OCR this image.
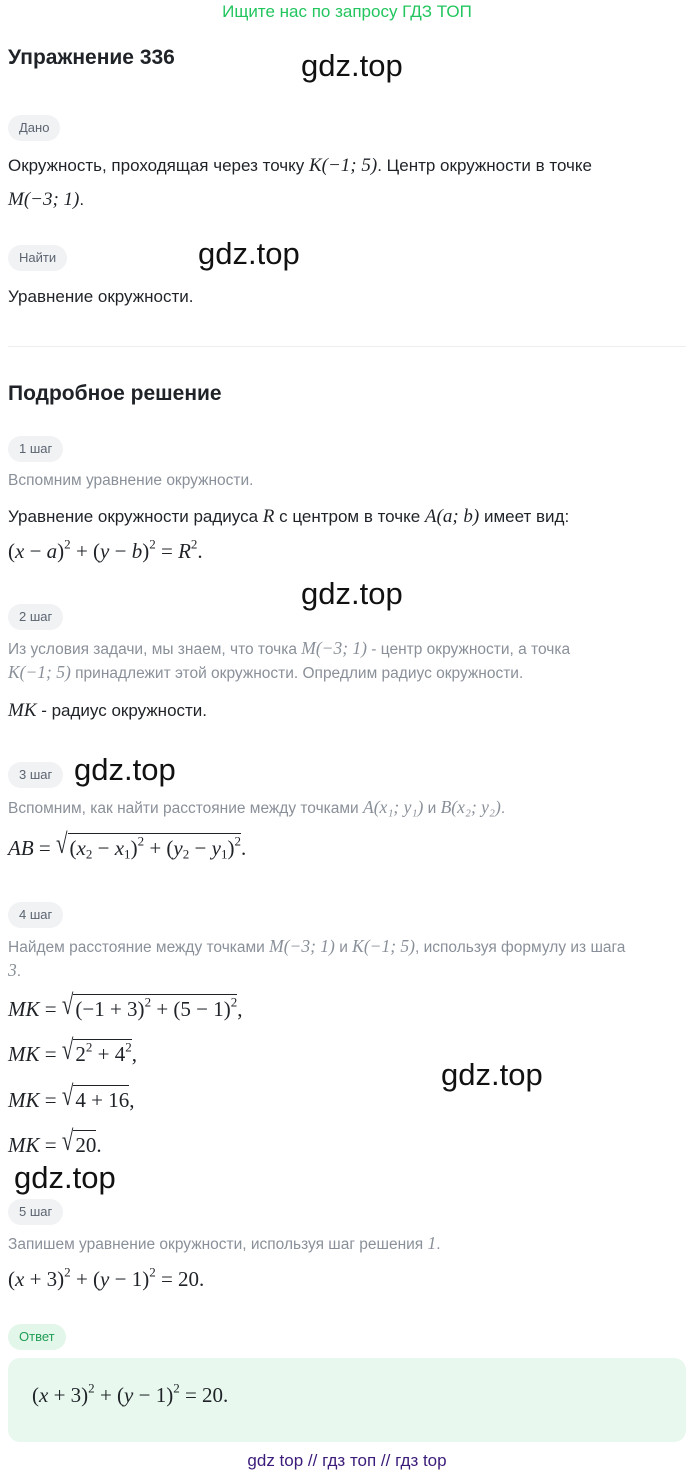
Ищите нас по запросу ГДЗ ТОП
Упражнение 336	gdz.top
Дано
Окружность, проходящая через точку K(−1; 5). Центр окружности в точке
M(−3; 1).
Найти	gdz.top
Уравнение окружности.
Подробное решение
1 шаг
Вспомним уравнение окружности.
Уравнение окружности радиуса R с центром в точке A(a; b) имеет вид:
$(x - a)^2 + (y - b)^2 = R^2$.
gdz.top
2 шаг
Из условия задачи, мы знаем, что точка M(−3; 1) - центр окружности, а точка
K(−1; 5) принадлежит этой окружности. Опредлим радиус окружности.
MK - радиус окружности.
3 шаг gdz.top
Вспомним, как найти расстояние между точками A(x₁; y₁) и B(x₂; y₂).
AB = $√(x_2 - x_1)^2 + (y_2 - y_1)^2$.
4 шаг
Найдем расстояние между точками M(−3; 1) и K(−1; 5), используя формулу из шага
3.
MK = $√(-1 + 3)^2 + (5 - 1)^2$,
MK = $√2^2 + 4^2$,
gdz.top
MK = √4 + 16,
MK = √20.
gdz.top
5 шаг
Запишем уравнение окружности, используя шаг решения 1.
$(x + 3)^2 + (y - 1)^2 = 20$.
Ответ
$(x + 3)^2 + (y - 1)^2 = 20$.
gdz top // гдз топ // гдз top
